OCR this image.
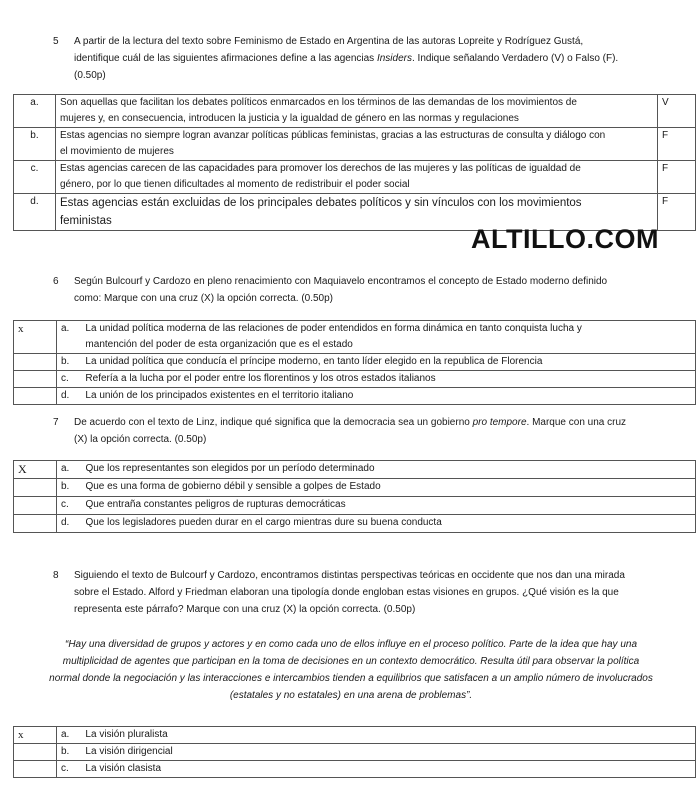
5 A partir de la lectura del texto sobre Feminismo de Estado en Argentina de las autoras Lopreite y Rodríguez Gustá,
identifique cuál de las siguientes afirmaciones define a las agencias Insiders. Indique señalando Verdadero (V) o Falso (F).
(0.50p)
a.	Son aquellas que facilitan los debates políticos enmarcados en los términos de las demandas de los movimientos de
mujeres y, en consecuencia, introducen la justicia y la igualdad de género en las normas y regulaciones	V
b.	Estas agencias no siempre logran avanzar políticas públicas feministas, gracias a las estructuras de consulta y diálogo con
el movimiento de mujeres	F
c.	Estas agencias carecen de las capacidades para promover los derechos de las mujeres y las políticas de igualdad de
género, por lo que tienen dificultades al momento de redistribuir el poder social	F
d.	Estas agencias están excluidas de los principales debates políticos y sin vínculos con los movimientos
feministas	F
ALTILLO.COM
6 Según Bulcourf y Cardozo en pleno renacimiento con Maquiavelo encontramos el concepto de Estado moderno definido
como: Marque con una cruz (X) la opción correcta. (0.50p)
x	a.	La unidad política moderna de las relaciones de poder entendidos en forma dinámica en tanto conquista lucha y
mantención del poder de esta organización que es el estado

	b.	La unidad política que conducía el príncipe moderno, en tanto líder elegido en la republica de Florencia
	c.	Refería a la lucha por el poder entre los florentinos y los otros estados italianos
	d.	La unión de los principados existentes en el territorio italiano
7 De acuerdo con el texto de Linz, indique qué significa que la democracia sea un gobierno pro tempore. Marque con una cruz
(X) la opción correcta. (0.50p)
X	a.	Que los representantes son elegidos por un período determinado
	b.	Que es una forma de gobierno débil y sensible a golpes de Estado
	c.	Que entraña constantes peligros de rupturas democráticas
	d.	Que los legisladores pueden durar en el cargo mientras dure su buena conducta
8 Siguiendo el texto de Bulcourf y Cardozo, encontramos distintas perspectivas teóricas en occidente que nos dan una mirada
sobre el Estado. Alford y Friedman elaboran una tipología donde engloban estas visiones en grupos. ¿Qué visión es la que
representa este párrafo? Marque con una cruz (X) la opción correcta. (0.50p)
“Hay una diversidad de grupos y actores y en como cada uno de ellos influye en el proceso político. Parte de la idea que hay una
multiplicidad de agentes que participan en la toma de decisiones en un contexto democrático. Resulta útil para observar la política
normal donde la negociación y las interacciones e intercambios tienden a equilibrios que satisfacen a un amplio número de involucrados
(estatales y no estatales) en una arena de problemas”.
x	a.	La visión pluralista
	b.	La visión dirigencial
	c.	La visión clasista
